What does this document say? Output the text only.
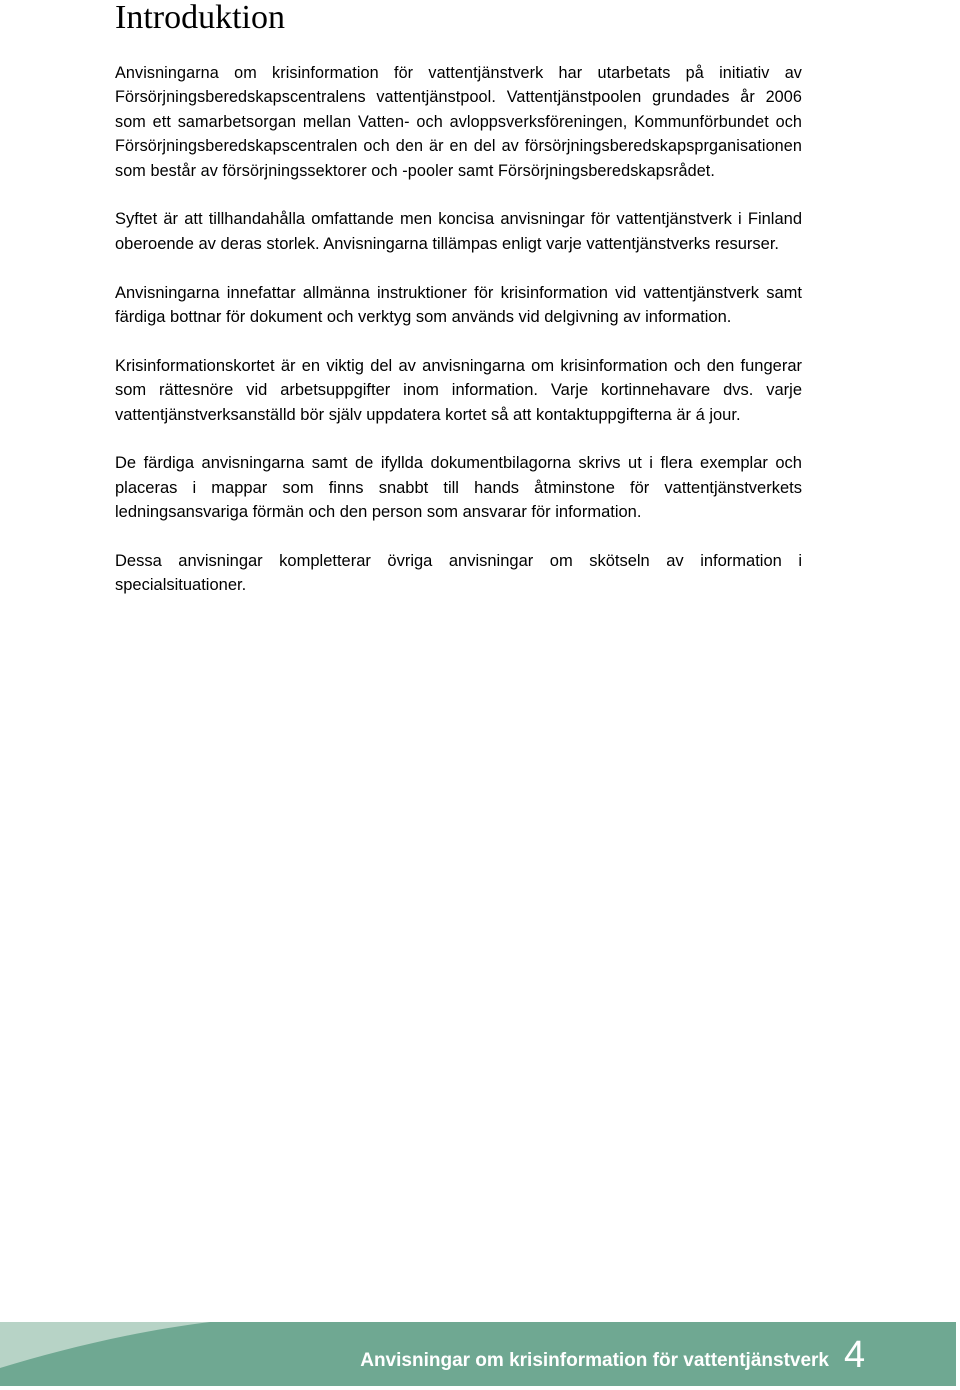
Introduktion

Anvisningarna om krisinformation för vattentjänstverk har utarbetats på initiativ av Försörjningsberedskapscentralens vattentjänstpool. Vattentjänstpoolen grundades år 2006 som ett samarbetsorgan mellan Vatten- och avloppsverksföreningen, Kommunförbundet och Försörjningsberedskapscentralen och den är en del av försörjningsberedskapsprganisationen som består av försörjningssektorer och -pooler samt Försörjningsberedskapsrådet.

Syftet är att tillhandahålla omfattande men koncisa anvisningar för vattentjänstverk i Finland oberoende av deras storlek. Anvisningarna tillämpas enligt varje vattentjänstverks resurser.

Anvisningarna innefattar allmänna instruktioner för krisinformation vid vattentjänstverk samt färdiga bottnar för dokument och verktyg som används vid delgivning av information.

Krisinformationskortet är en viktig del av anvisningarna om krisinformation och den fungerar som rättesnöre vid arbetsuppgifter inom information. Varje kortinnehavare dvs. varje vattentjänstverksanställd bör själv uppdatera kortet så att kontaktuppgifterna är á jour.

De färdiga anvisningarna samt de ifyllda dokumentbilagorna skrivs ut i flera exemplar och placeras i mappar som finns snabbt till hands åtminstone för vattentjänstverkets ledningsansvariga förmän och den person som ansvarar för information.

Dessa anvisningar kompletterar övriga anvisningar om skötseln av information i specialsituationer.

Anvisningar om krisinformation för vattentjänstverk 4
